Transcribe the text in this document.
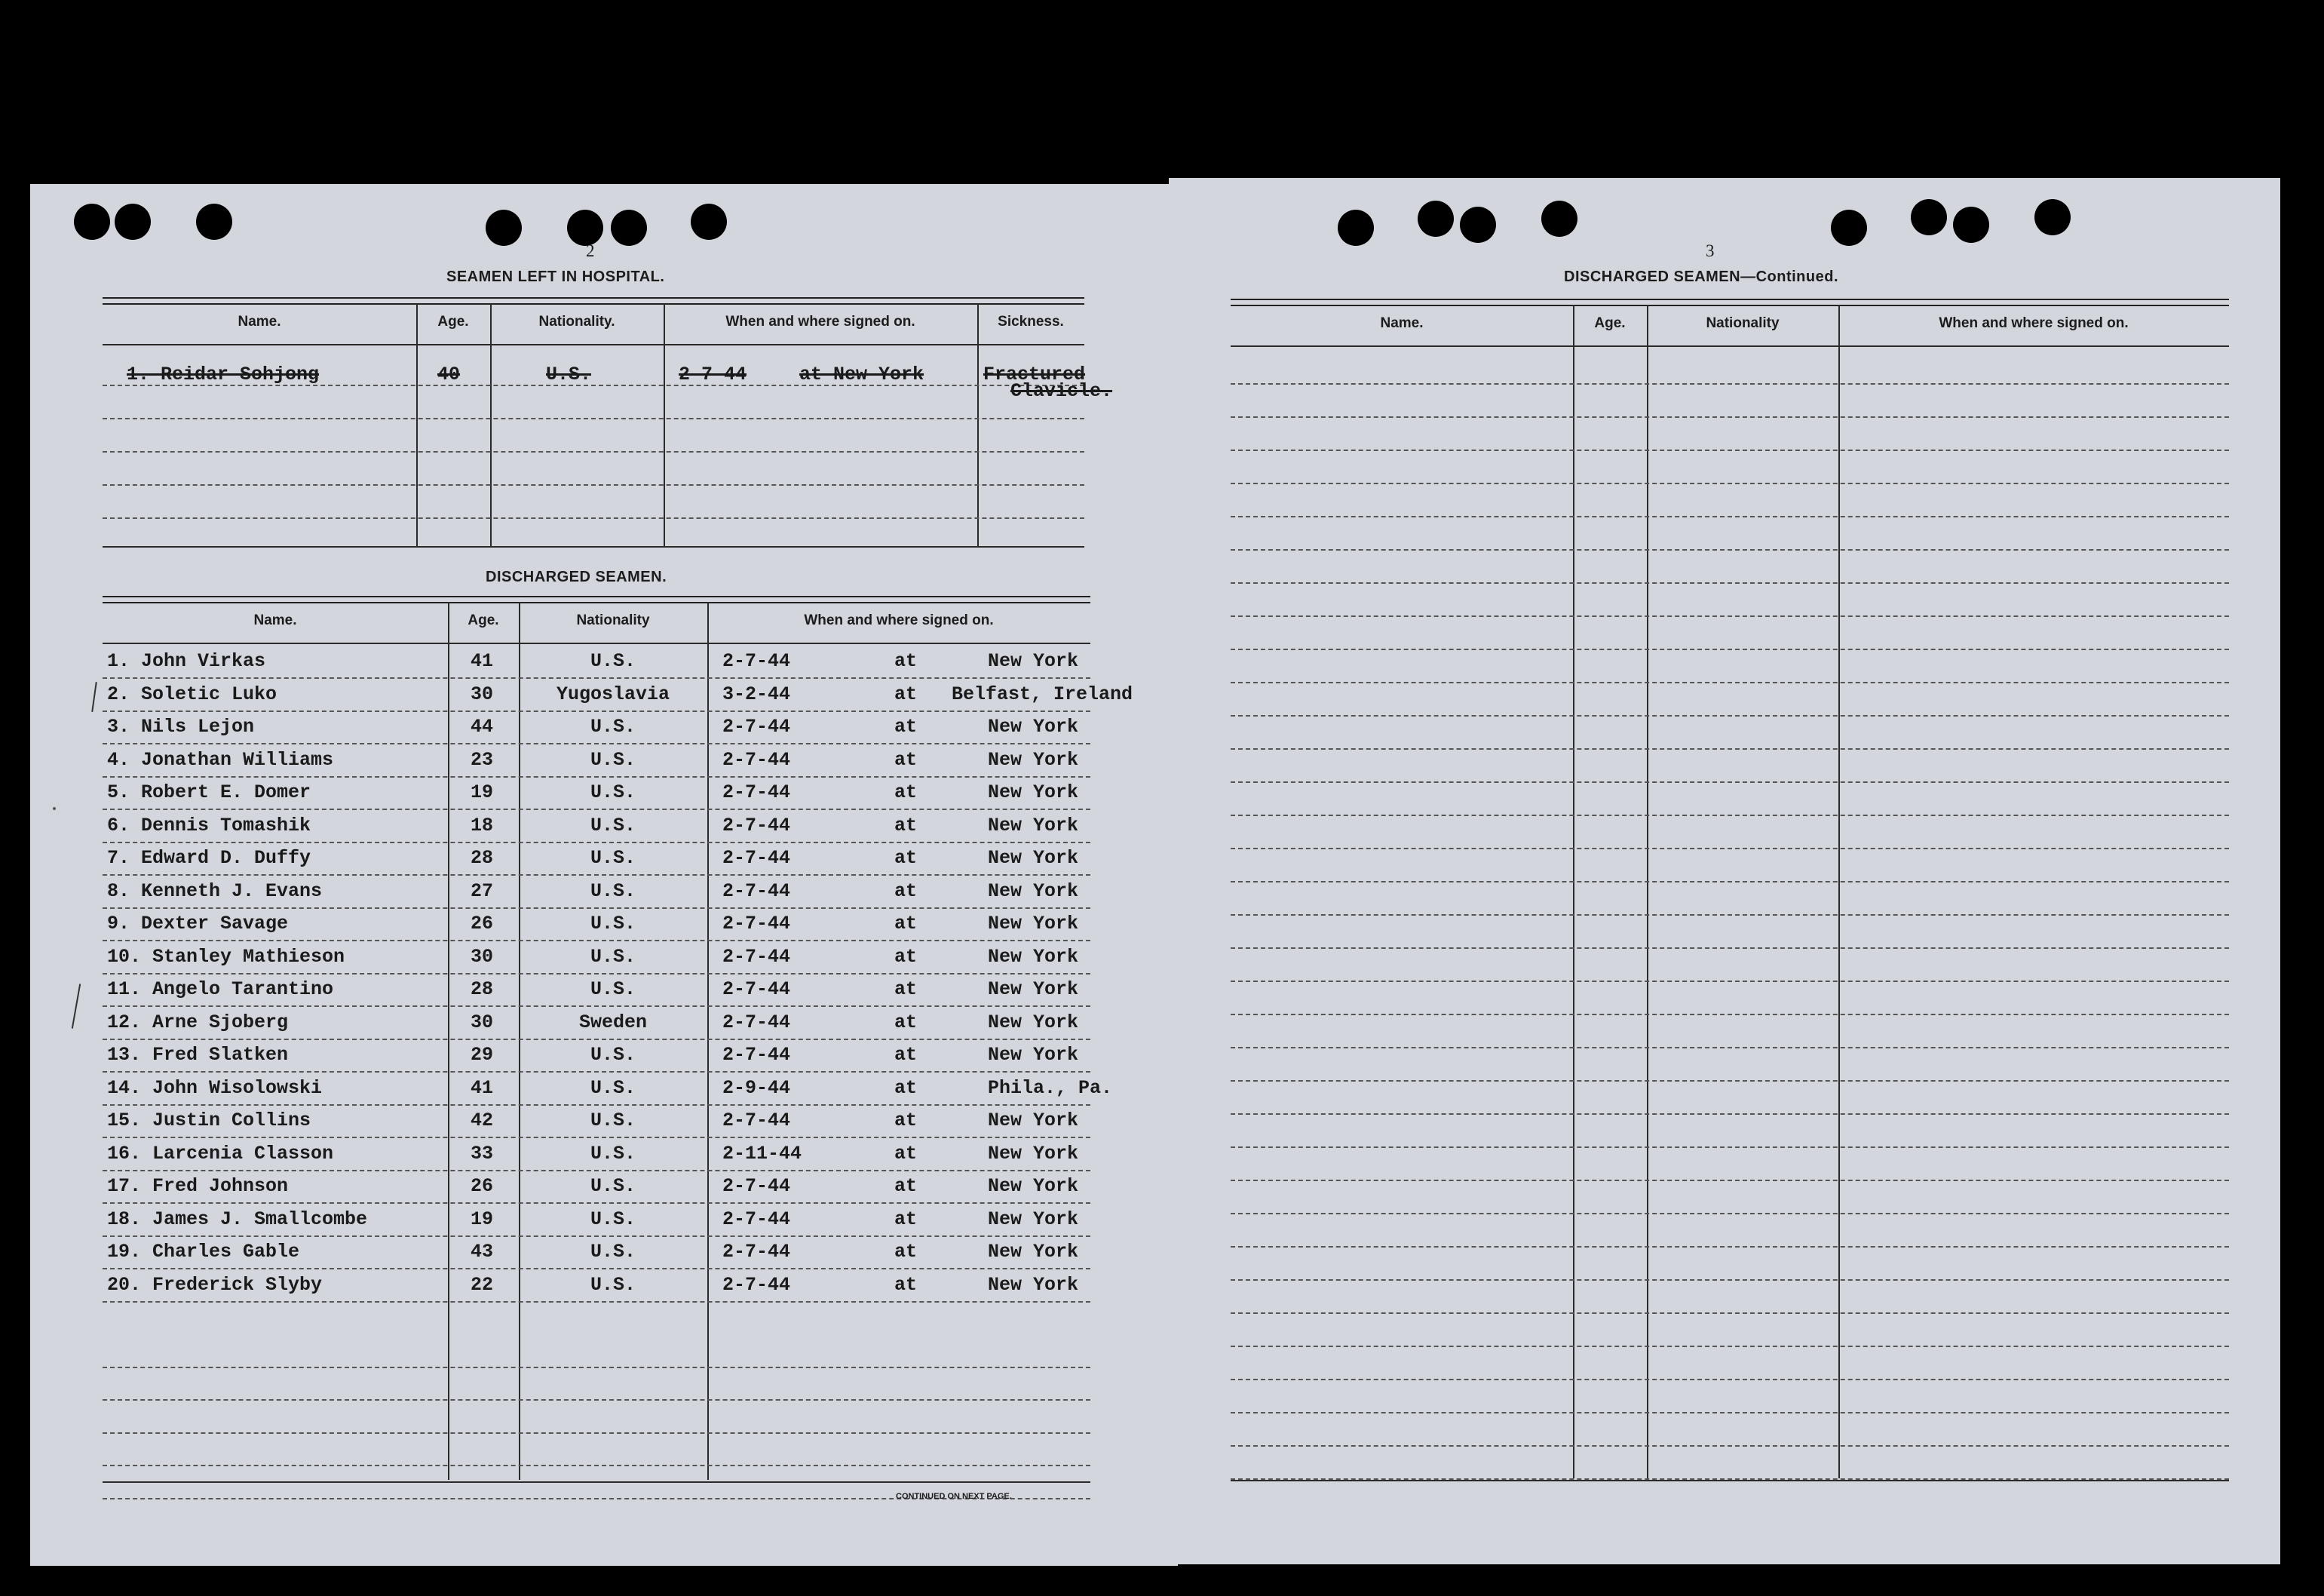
2
SEAMEN LEFT IN HOSPITAL.
Name.	Age.	Nationality.	When and where signed on.	Sickness.
1. Reidar Sohjong	40	U.S.	2-7-44	at New York	Fractured
Clavicle.
DISCHARGED SEAMEN.
Name.	Age.	Nationality	When and where signed on.
1. John Virkas	41	U.S.	2-7-44	at	New York
2. Soletic Luko	30	Yugoslavia	3-2-44	at Belfast, Ireland
3. Nils Lejon	44	U.S.	2-7-44	at	New York
4. Jonathan Williams	23	U.S.	2-7-44	at	New York
5. Robert E. Domer	19	U.S.	2-7-44	at	New York
6. Dennis Tomashik	18	U.S.	2-7-44	at	New York
7. Edward D. Duffy	28	U.S.	2-7-44	at	New York
8. Kenneth J. Evans	27	U.S.	2-7-44	at	New York
9. Dexter Savage	26	U.S.	2-7-44	at	New York
10. Stanley Mathieson	30	U.S.	2-7-44	at	New York
11. Angelo Tarantino	28	U.S.	2-7-44	at	New York
12. Arne Sjoberg	30	Sweden	2-7-44	at	New York
13. Fred Slatken	29	U.S.	2-7-44	at	New York
14. John Wisolowski	41	U.S.	2-9-44	at	Phila., Pa.
15. Justin Collins	42	U.S.	2-7-44	at	New York
16. Larcenia Classon	33	U.S.	2-11-44	at	New York
17. Fred Johnson	26	U.S.	2-7-44	at	New York
18. James J. Smallcombe	19	U.S.	2-7-44	at	New York
19. Charles Gable	43	U.S.	2-7-44	at	New York
20. Frederick Slyby	22	U.S.	2-7-44	at	New York
CONTINUED ON NEXT PAGE.
3
DISCHARGED SEAMEN—Continued.
Name.	Age.	Nationality	When and where signed on.
